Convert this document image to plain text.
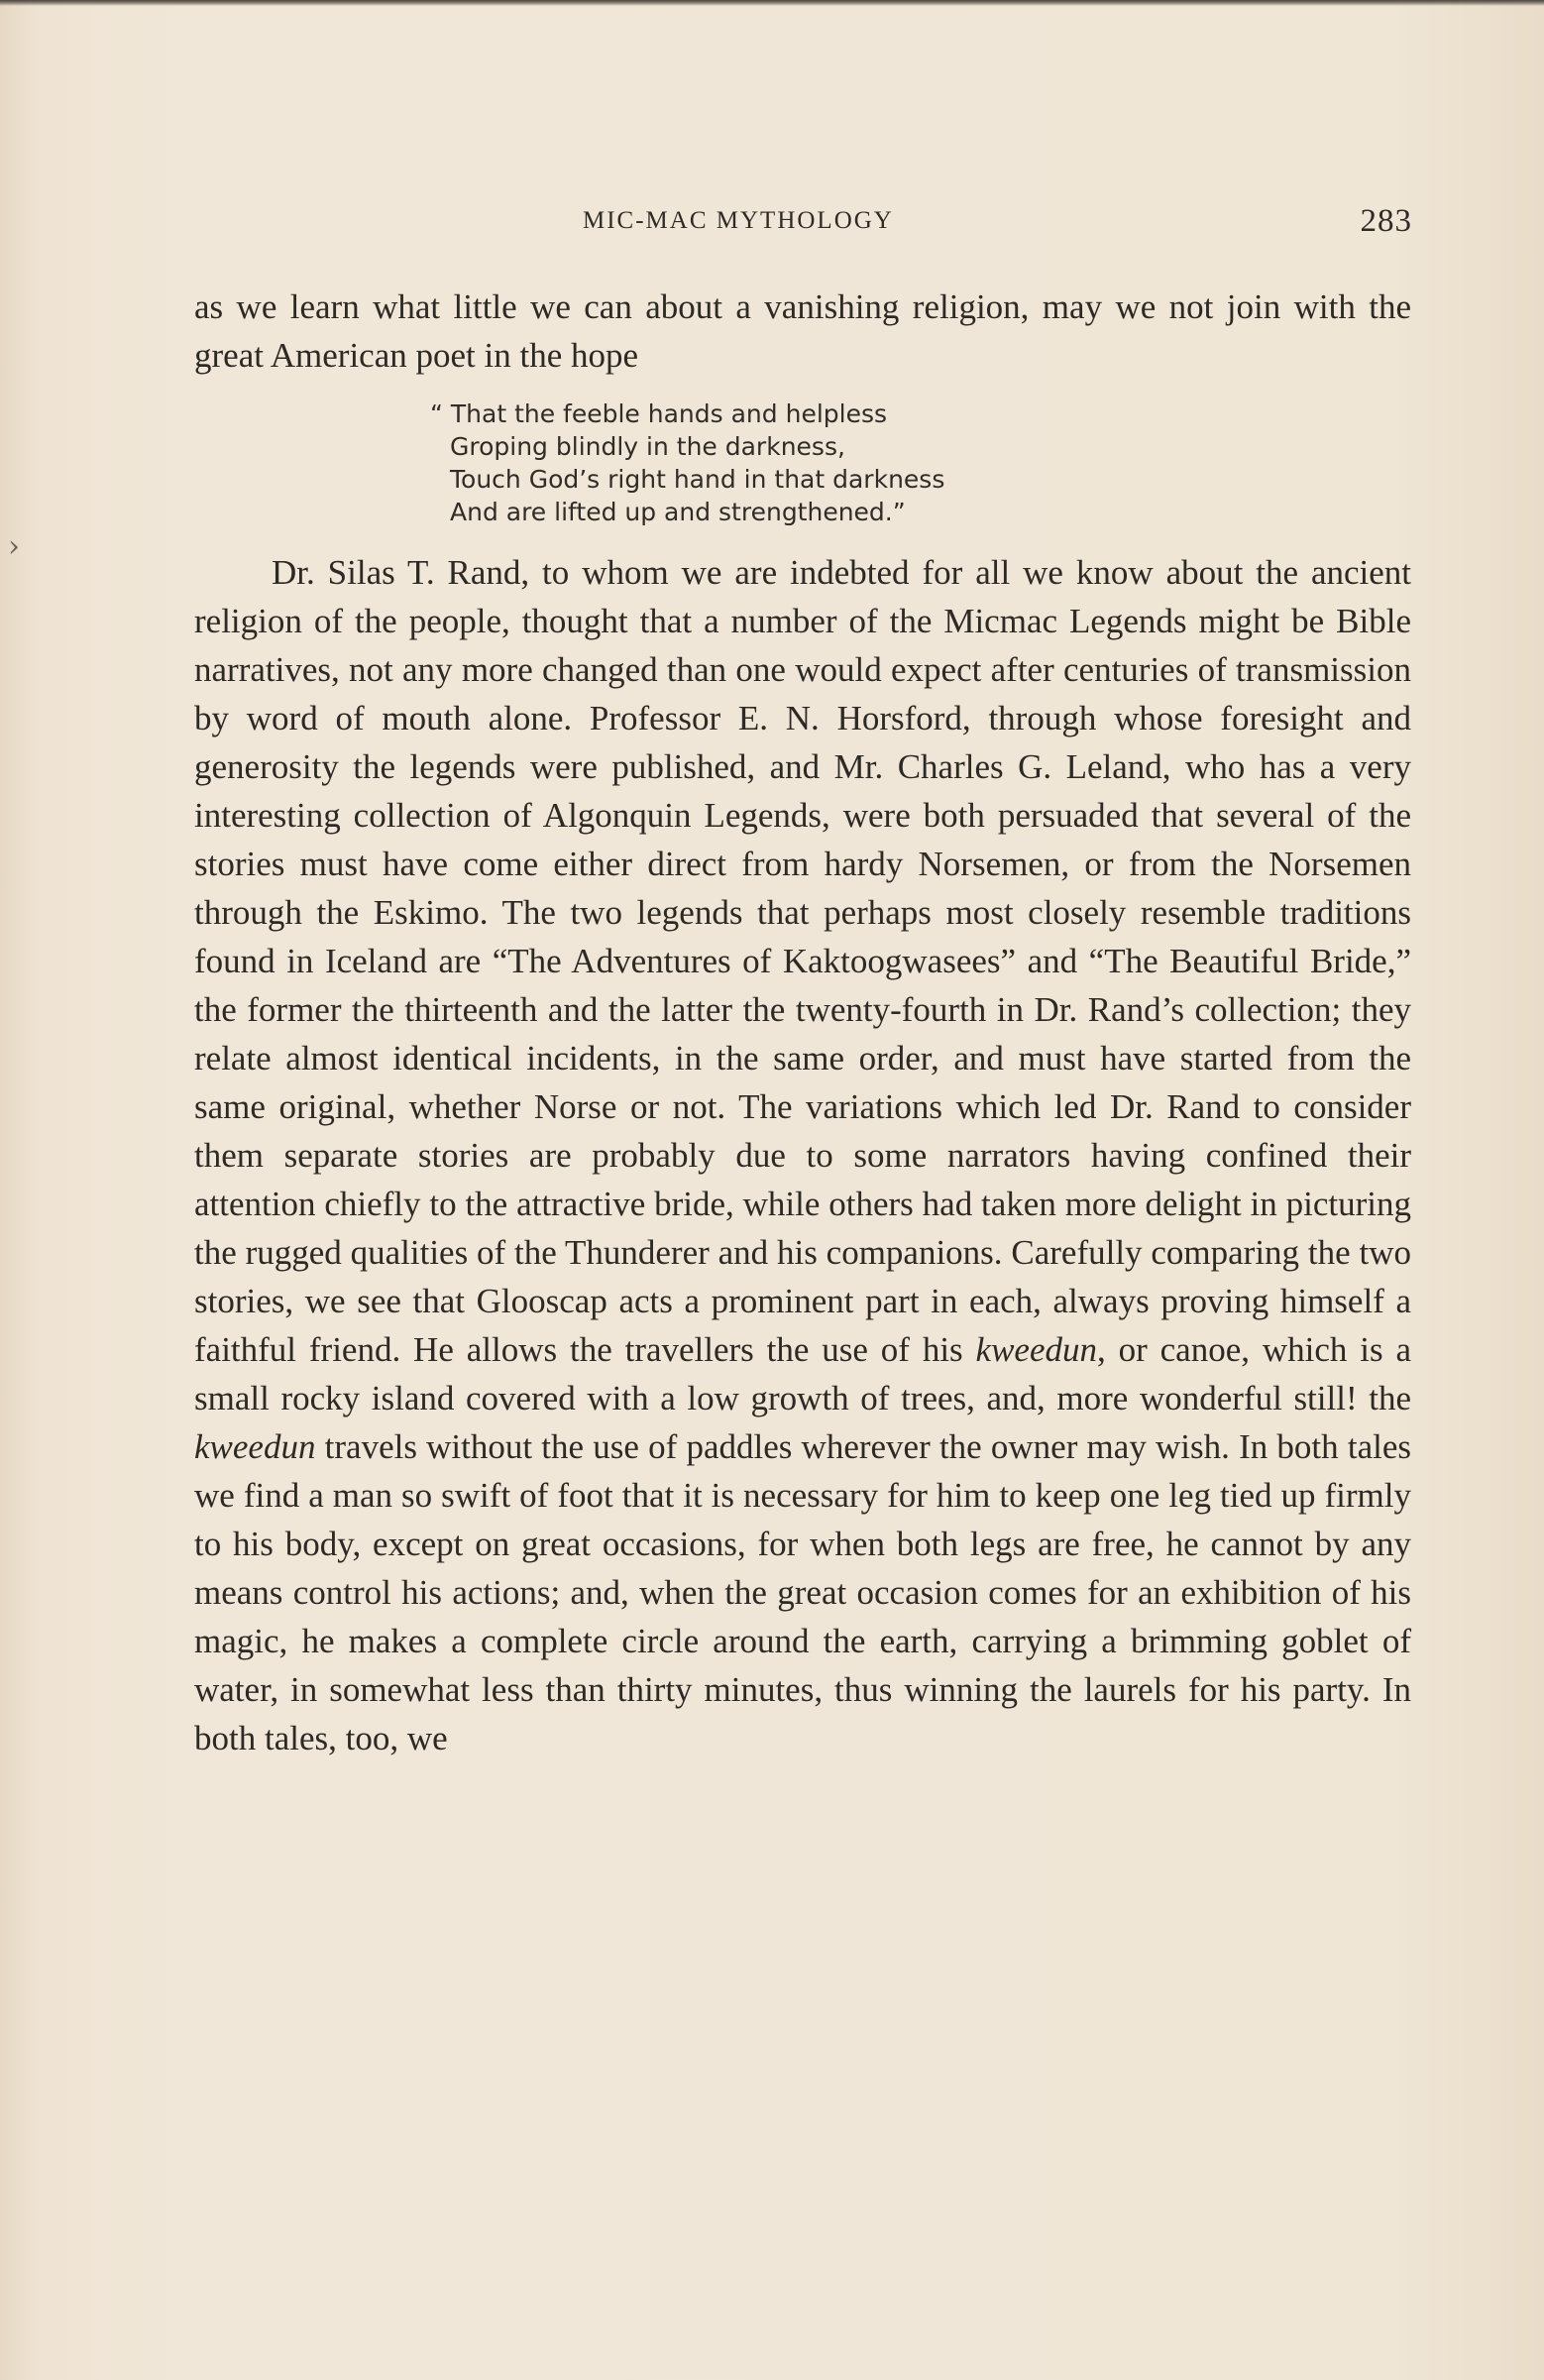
›
MIC-MAC MYTHOLOGY	283

as we learn what little we can about a vanishing religion, may we not join with the great American poet in the hope

“ That the feeble hands and helpless
Groping blindly in the darkness,
Touch God’s right hand in that darkness
And are lifted up and strengthened.”

Dr. Silas T. Rand, to whom we are indebted for all we know about the ancient religion of the people, thought that a number of the Micmac Legends might be Bible narratives, not any more changed than one would expect after centuries of transmission by word of mouth alone. Professor E. N. Horsford, through whose foresight and generosity the legends were published, and Mr. Charles G. Leland, who has a very interesting collection of Algonquin Legends, were both persuaded that several of the stories must have come either direct from hardy Norsemen, or from the Norsemen through the Eskimo. The two legends that perhaps most closely resemble traditions found in Iceland are “The Adventures of Kaktoogwasees” and “The Beautiful Bride,” the former the thirteenth and the latter the twenty-fourth in Dr. Rand’s collection; they relate almost identical incidents, in the same order, and must have started from the same original, whether Norse or not. The variations which led Dr. Rand to consider them separate stories are probably due to some narrators having confined their attention chiefly to the attractive bride, while others had taken more delight in picturing the rugged qualities of the Thunderer and his companions. Carefully comparing the two stories, we see that Glooscap acts a prominent part in each, always proving himself a faithful friend. He allows the travellers the use of his kweedun, or canoe, which is a small rocky island covered with a low growth of trees, and, more wonderful still! the kweedun travels without the use of paddles wherever the owner may wish. In both tales we find a man so swift of foot that it is necessary for him to keep one leg tied up firmly to his body, except on great occasions, for when both legs are free, he cannot by any means control his actions; and, when the great occasion comes for an exhibition of his magic, he makes a complete circle around the earth, carrying a brimming goblet of water, in somewhat less than thirty minutes, thus winning the laurels for his party. In both tales, too, we
